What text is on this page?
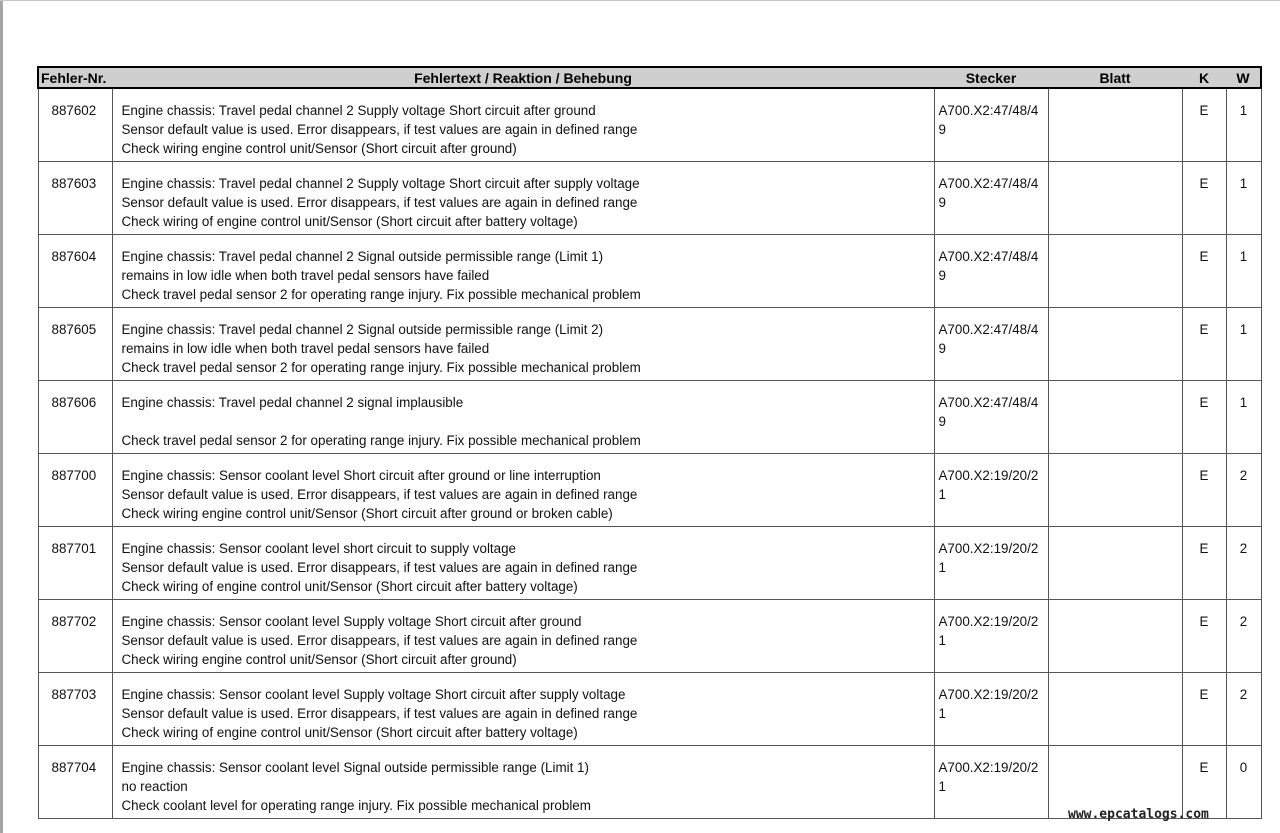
Fehler-Nr.	Fehlertext / Reaktion / Behebung	Stecker	Blatt	K	W
887602	Engine chassis: Travel pedal channel 2 Supply voltage Short circuit after ground
Sensor default value is used. Error disappears, if test values are again in defined range
Check wiring engine control unit/Sensor (Short circuit after ground)	A700.X2:47/48/4
9		E	1
887603	Engine chassis: Travel pedal channel 2 Supply voltage Short circuit after supply voltage
Sensor default value is used. Error disappears, if test values are again in defined range
Check wiring of engine control unit/Sensor (Short circuit after battery voltage)	A700.X2:47/48/4
9		E	1
887604	Engine chassis: Travel pedal channel 2 Signal outside permissible range (Limit 1)
remains in low idle when both travel pedal sensors have failed
Check travel pedal sensor 2 for operating range injury. Fix possible mechanical problem	A700.X2:47/48/4
9		E	1
887605	Engine chassis: Travel pedal channel 2 Signal outside permissible range (Limit 2)
remains in low idle when both travel pedal sensors have failed
Check travel pedal sensor 2 for operating range injury. Fix possible mechanical problem	A700.X2:47/48/4
9		E	1
887606	Engine chassis: Travel pedal channel 2 signal implausible
Check travel pedal sensor 2 for operating range injury. Fix possible mechanical problem	A700.X2:47/48/4
9		E	1
887700	Engine chassis: Sensor coolant level Short circuit after ground or line interruption
Sensor default value is used. Error disappears, if test values are again in defined range
Check wiring engine control unit/Sensor (Short circuit after ground or broken cable)	A700.X2:19/20/2
1		E	2
887701	Engine chassis: Sensor coolant level short circuit to supply voltage
Sensor default value is used. Error disappears, if test values are again in defined range
Check wiring of engine control unit/Sensor (Short circuit after battery voltage)	A700.X2:19/20/2
1		E	2
887702	Engine chassis: Sensor coolant level Supply voltage Short circuit after ground
Sensor default value is used. Error disappears, if test values are again in defined range
Check wiring engine control unit/Sensor (Short circuit after ground)	A700.X2:19/20/2
1		E	2
887703	Engine chassis: Sensor coolant level Supply voltage Short circuit after supply voltage
Sensor default value is used. Error disappears, if test values are again in defined range
Check wiring of engine control unit/Sensor (Short circuit after battery voltage)	A700.X2:19/20/2
1		E	2
887704	Engine chassis: Sensor coolant level Signal outside permissible range (Limit 1)
no reaction
Check coolant level for operating range injury. Fix possible mechanical problem	A700.X2:19/20/2
1		E	0
www.epcatalogs.com
